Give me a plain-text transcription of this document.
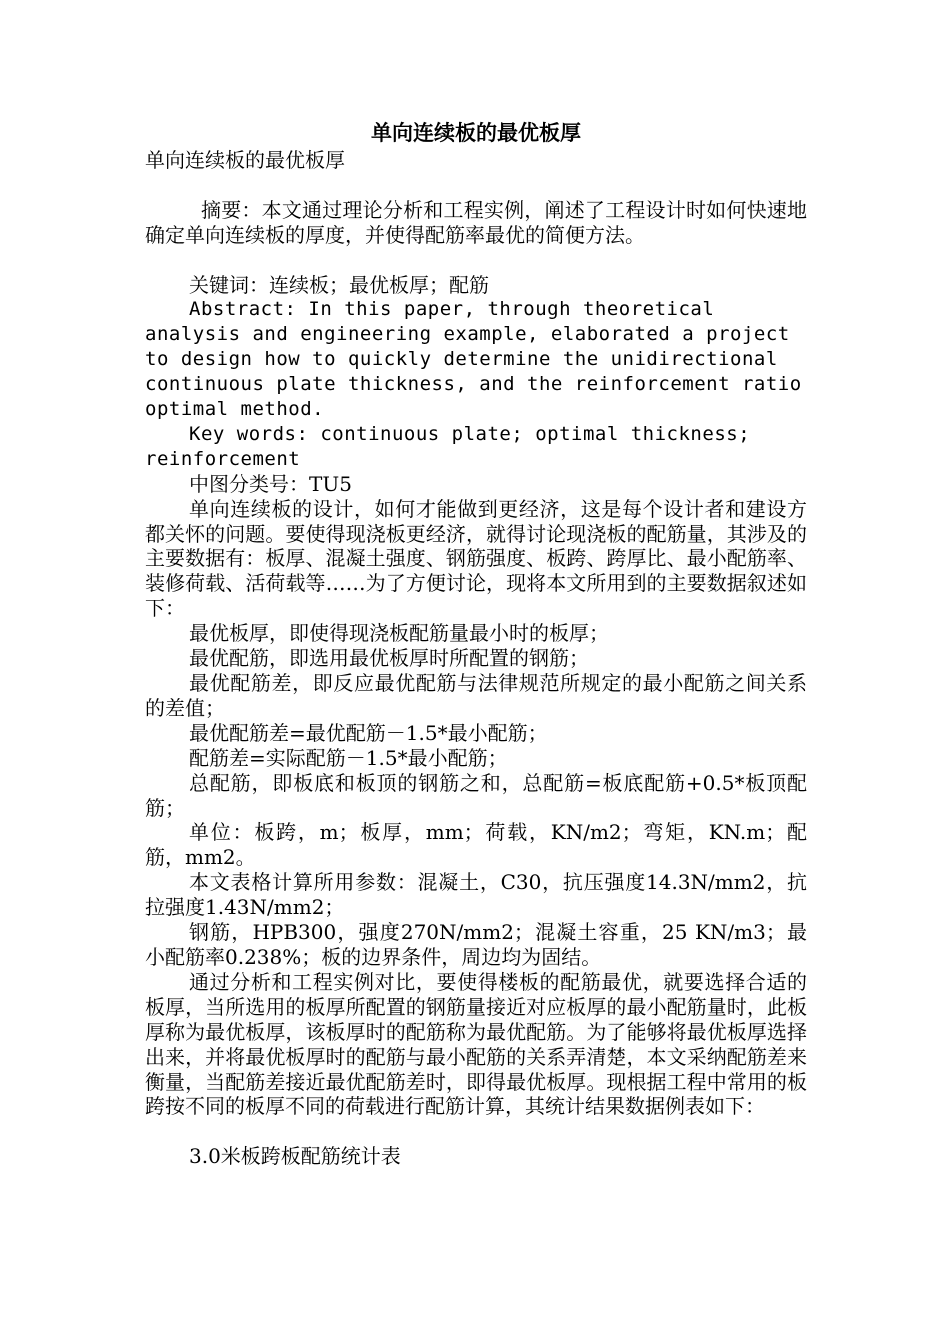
单向连续板的最优板厚

单向连续板的最优板厚

摘要：本文通过理论分析和工程实例，阐述了工程设计时如何快速地确定单向连续板的厚度，并使得配筋率最优的简便方法。

关键词：连续板；最优板厚；配筋

Abstract: In this paper, through theoretical analysis and engineering example, elaborated a project to design how to quickly determine the unidirectional continuous plate thickness, and the reinforcement ratio optimal method.

Key words: continuous plate; optimal thickness; reinforcement

中图分类号：TU5

单向连续板的设计，如何才能做到更经济，这是每个设计者和建设方都关怀的问题。要使得现浇板更经济，就得讨论现浇板的配筋量，其涉及的主要数据有：板厚、混凝土强度、钢筋强度、板跨、跨厚比、最小配筋率、装修荷载、活荷载等……为了方便讨论，现将本文所用到的主要数据叙述如下：

最优板厚，即使得现浇板配筋量最小时的板厚；

最优配筋，即选用最优板厚时所配置的钢筋；

最优配筋差，即反应最优配筋与法律规范所规定的最小配筋之间关系的差值；

最优配筋差=最优配筋－1.5*最小配筋；

配筋差=实际配筋－1.5*最小配筋；

总配筋，即板底和板顶的钢筋之和，总配筋=板底配筋+0.5*板顶配筋；

单位：板跨，m；板厚，mm；荷载，KN/m2；弯矩，KN.m；配筋，mm2。

本文表格计算所用参数：混凝土，C30，抗压强度14.3N/mm2，抗拉强度1.43N/mm2；

钢筋，HPB300，强度270N/mm2；混凝土容重，25 KN/m3；最小配筋率0.238%；板的边界条件，周边均为固结。

通过分析和工程实例对比，要使得楼板的配筋最优，就要选择合适的板厚，当所选用的板厚所配置的钢筋量接近对应板厚的最小配筋量时，此板厚称为最优板厚，该板厚时的配筋称为最优配筋。为了能够将最优板厚选择出来，并将最优板厚时的配筋与最小配筋的关系弄清楚，本文采纳配筋差来衡量，当配筋差接近最优配筋差时，即得最优板厚。现根据工程中常用的板跨按不同的板厚不同的荷载进行配筋计算，其统计结果数据例表如下：

3.0米板跨板配筋统计表
